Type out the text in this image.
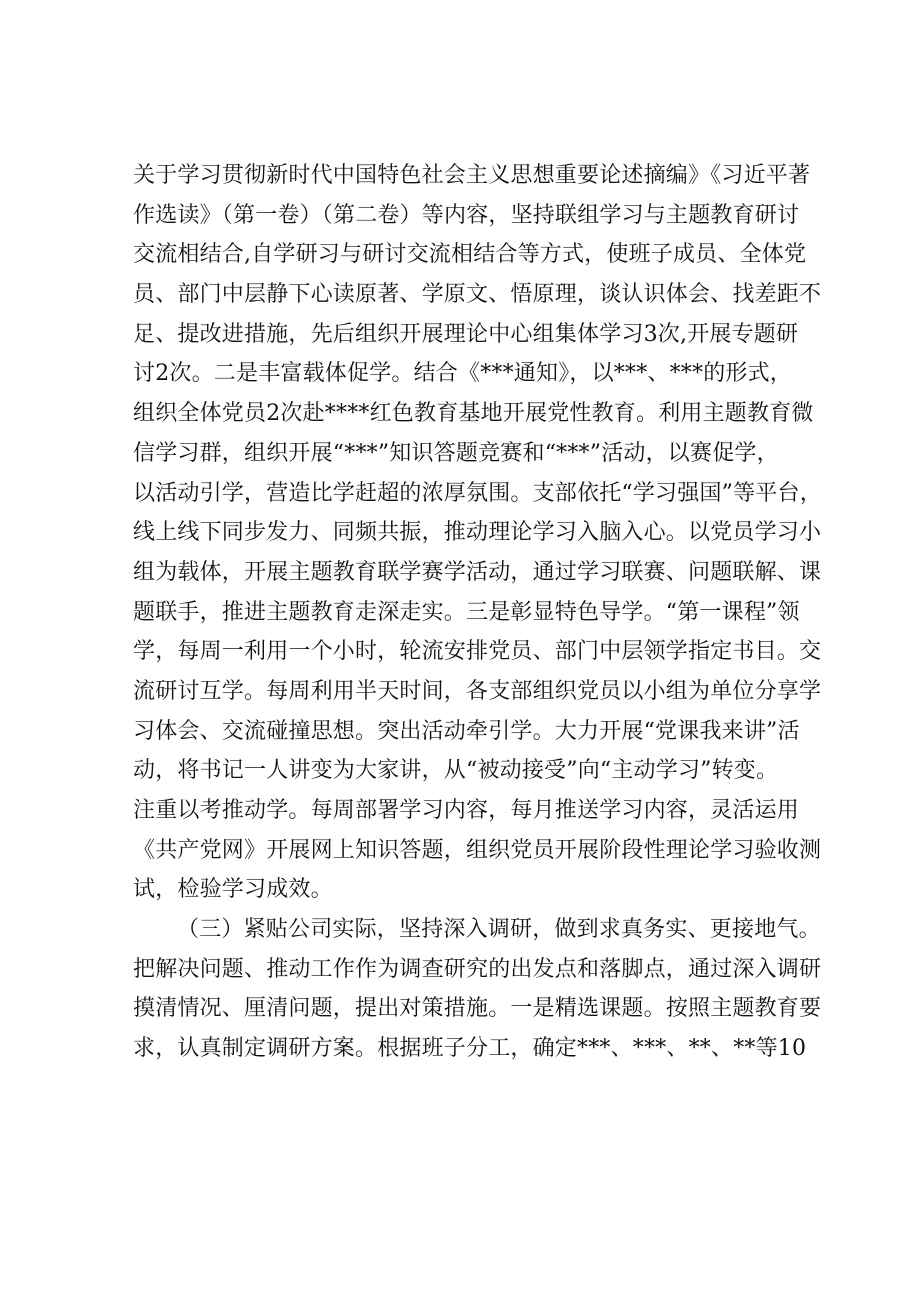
关于学习贯彻新时代中国特色社会主义思想重要论述摘编》《习近平著
作选读》（第一卷）（第二卷）等内容，坚持联组学习与主题教育研讨
交流相结合,自学研习与研讨交流相结合等方式，使班子成员、全体党
员、部门中层静下心读原著、学原文、悟原理，谈认识体会、找差距不
足、提改进措施，先后组织开展理论中心组集体学习3次,开展专题研
讨2次。二是丰富载体促学。结合《***通知》，以***、***的形式，
组织全体党员2次赴****红色教育基地开展党性教育。利用主题教育微
信学习群，组织开展“***”知识答题竞赛和“***”活动，以赛促学，
以活动引学，营造比学赶超的浓厚氛围。支部依托“学习强国”等平台，
线上线下同步发力、同频共振，推动理论学习入脑入心。以党员学习小
组为载体，开展主题教育联学赛学活动，通过学习联赛、问题联解、课
题联手，推进主题教育走深走实。三是彰显特色导学。“第一课程”领
学，每周一利用一个小时，轮流安排党员、部门中层领学指定书目。交
流研讨互学。每周利用半天时间，各支部组织党员以小组为单位分享学
习体会、交流碰撞思想。突出活动牵引学。大力开展“党课我来讲”活
动，将书记一人讲变为大家讲，从“被动接受”向“主动学习”转变。
注重以考推动学。每周部署学习内容，每月推送学习内容，灵活运用
《共产党网》开展网上知识答题，组织党员开展阶段性理论学习验收测
试，检验学习成效。
（三）紧贴公司实际，坚持深入调研，做到求真务实、更接地气。
把解决问题、推动工作作为调查研究的出发点和落脚点，通过深入调研
摸清情况、厘清问题，提出对策措施。一是精选课题。按照主题教育要
求，认真制定调研方案。根据班子分工，确定***、***、**、**等10
